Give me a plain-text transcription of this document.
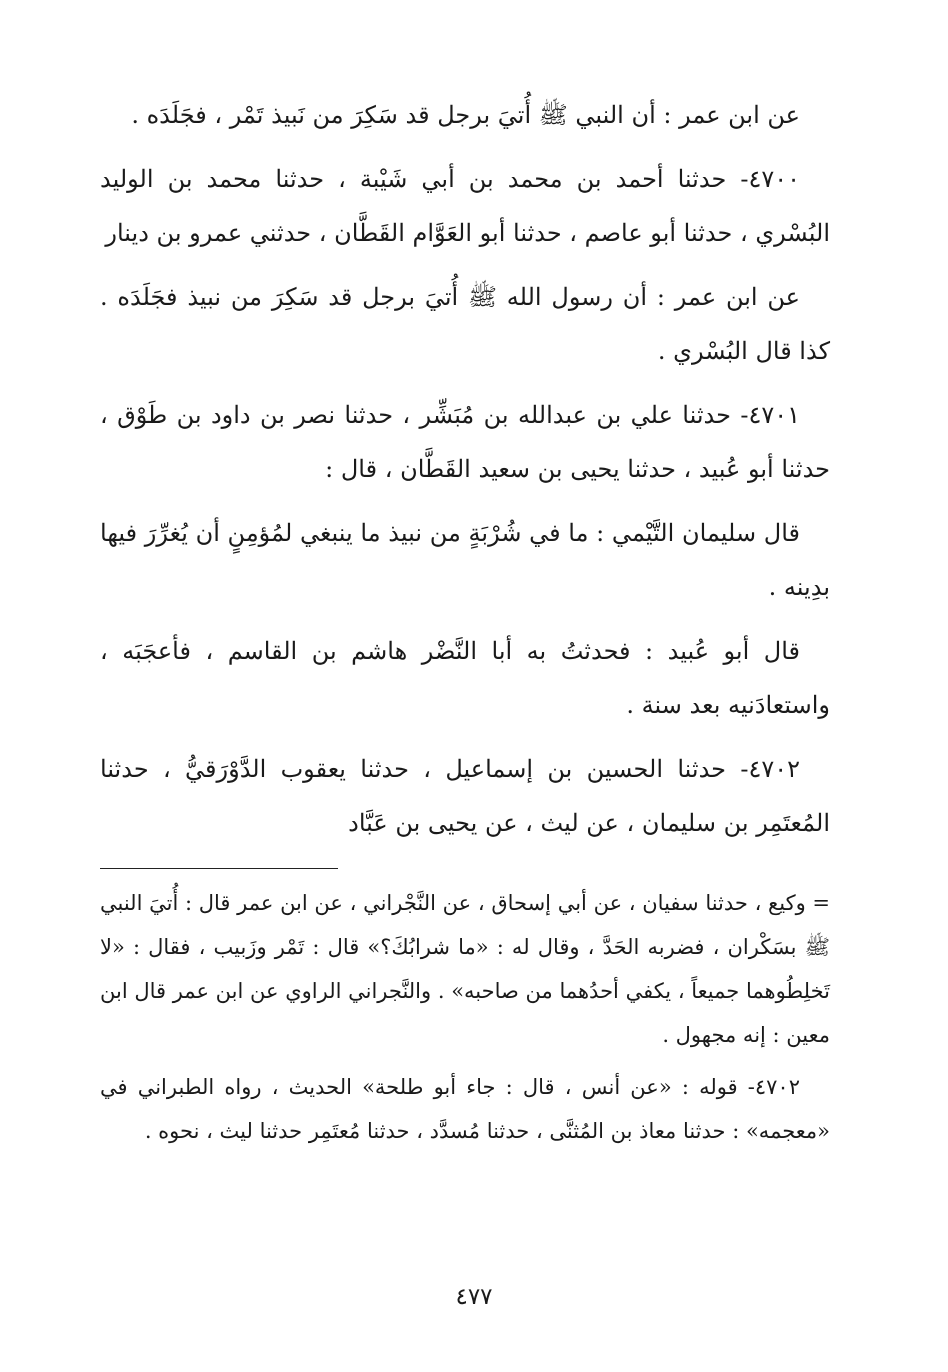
عن ابن عمر : أن النبي ﷺ أُتيَ برجل قد سَكِرَ من نَبيذ تَمْر ، فجَلَدَه .

٤٧٠٠- حدثنا أحمد بن محمد بن أبي شَيْبة ، حدثنا محمد بن الوليد البُسْري ، حدثنا أبو عاصم ، حدثنا أبو العَوَّام القَطَّان ، حدثني عمرو بن دينار

عن ابن عمر : أن رسول الله ﷺ أُتيَ برجل قد سَكِرَ من نبيذ فجَلَدَه . كذا قال البُسْري .

٤٧٠١- حدثنا علي بن عبدالله بن مُبَشِّر ، حدثنا نصر بن داود بن طَوْق ، حدثنا أبو عُبيد ، حدثنا يحيى بن سعيد القَطَّان ، قال :

قال سليمان التَّيْمي : ما في شُرْبَةٍ من نبيذ ما ينبغي لمُؤمِنٍ أن يُغرِّرَ فيها بدِينه .

قال أبو عُبيد : فحدثتُ به أبا النَّضْر هاشم بن القاسم ، فأعجَبَه ، واستعادَنيه بعد سنة .

٤٧٠٢- حدثنا الحسين بن إسماعيل ، حدثنا يعقوب الدَّوْرَقيُّ ، حدثنا المُعتَمِر بن سليمان ، عن ليث ، عن يحيى بن عَبَّاد

= وكيع ، حدثنا سفيان ، عن أبي إسحاق ، عن النَّجْراني ، عن ابن عمر قال : أُتيَ النبي ﷺ بسَكْران ، فضربه الحَدَّ ، وقال له : «ما شرابُكَ؟» قال : تَمْر وزَبيب ، فقال : «لا تَخلِطُوهما جميعاً ، يكفي أحدُهما من صاحبه» . والنَّجراني الراوي عن ابن عمر قال ابن معين : إنه مجهول .

٤٧٠٢- قوله : «عن أنس ، قال : جاء أبو طلحة» الحديث ، رواه الطبراني في «معجمه» : حدثنا معاذ بن المُثنَّى ، حدثنا مُسدَّد ، حدثنا مُعتَمِر حدثنا ليث ، نحوه .

٤٧٧
